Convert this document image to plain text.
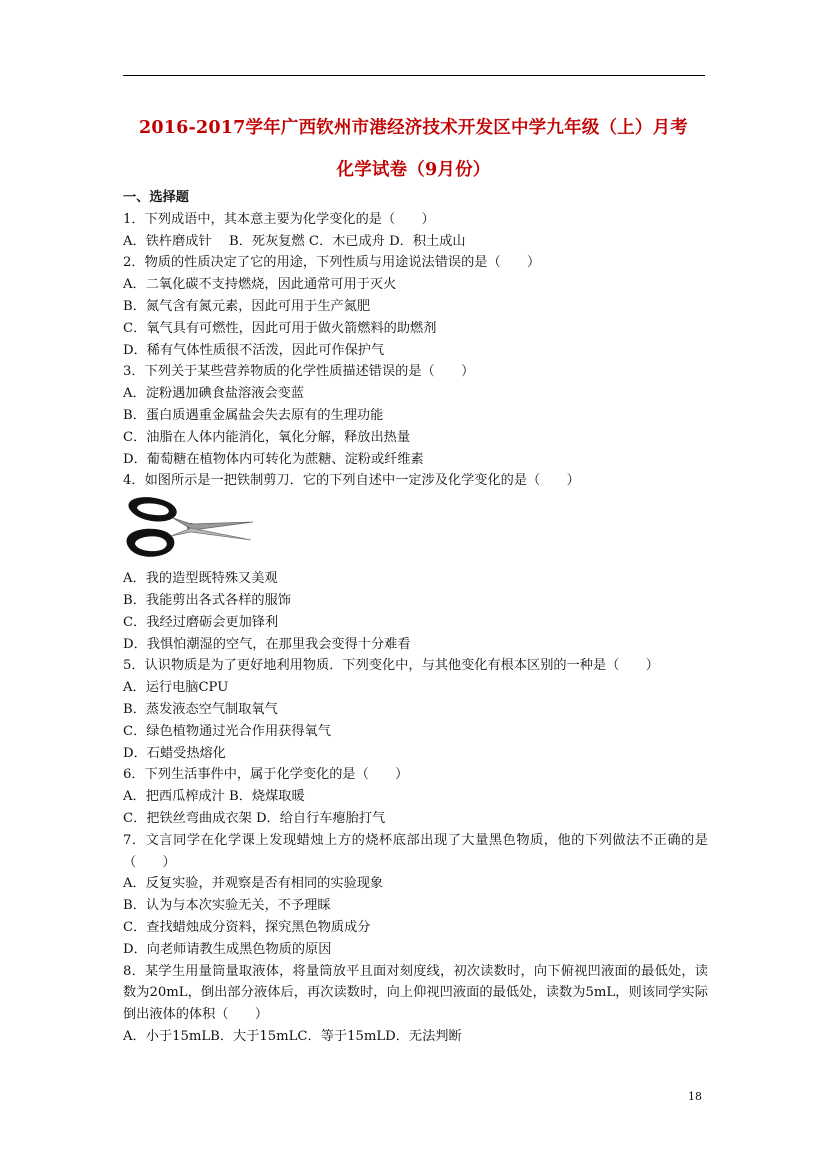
2016-2017学年广西钦州市港经济技术开发区中学九年级（上）月考
化学试卷（9月份）
一、选择题
1．下列成语中，其本意主要为化学变化的是（　　）
A．铁杵磨成针　 B．死灰复燃 C．木已成舟 D．积土成山
2．物质的性质决定了它的用途，下列性质与用途说法错误的是（　　）
A．二氧化碳不支持燃烧，因此通常可用于灭火
B．氮气含有氮元素，因此可用于生产氮肥
C．氧气具有可燃性，因此可用于做火箭燃料的助燃剂
D．稀有气体性质很不活泼，因此可作保护气
3．下列关于某些营养物质的化学性质描述错误的是（　　）
A．淀粉遇加碘食盐溶液会变蓝
B．蛋白质遇重金属盐会失去原有的生理功能
C．油脂在人体内能消化，氧化分解，释放出热量
D．葡萄糖在植物体内可转化为蔗糖、淀粉或纤维素
4．如图所示是一把铁制剪刀．它的下列自述中一定涉及化学变化的是（　　）
A．我的造型既特殊又美观
B．我能剪出各式各样的服饰
C．我经过磨砺会更加锋利
D．我惧怕潮湿的空气，在那里我会变得十分难看
5．认识物质是为了更好地利用物质．下列变化中，与其他变化有根本区别的一种是（　　）
A．运行电脑CPU
B．蒸发液态空气制取氧气
C．绿色植物通过光合作用获得氧气
D．石蜡受热熔化
6．下列生活事件中，属于化学变化的是（　　）
A．把西瓜榨成汁 B．烧煤取暖
C．把铁丝弯曲成衣架 D．给自行车瘪胎打气
7．文言同学在化学课上发现蜡烛上方的烧杯底部出现了大量黑色物质，他的下列做法不正确的是（　　）
A．反复实验，并观察是否有相同的实验现象
B．认为与本次实验无关，不予理睬
C．查找蜡烛成分资料，探究黑色物质成分
D．向老师请教生成黑色物质的原因
8．某学生用量筒量取液体，将量筒放平且面对刻度线，初次读数时，向下俯视凹液面的最低处，读数为20mL，倒出部分液体后，再次读数时，向上仰视凹液面的最低处，读数为5mL，则该同学实际倒出液体的体积（　　）
A．小于15mLB．大于15mLC．等于15mLD．无法判断
18
